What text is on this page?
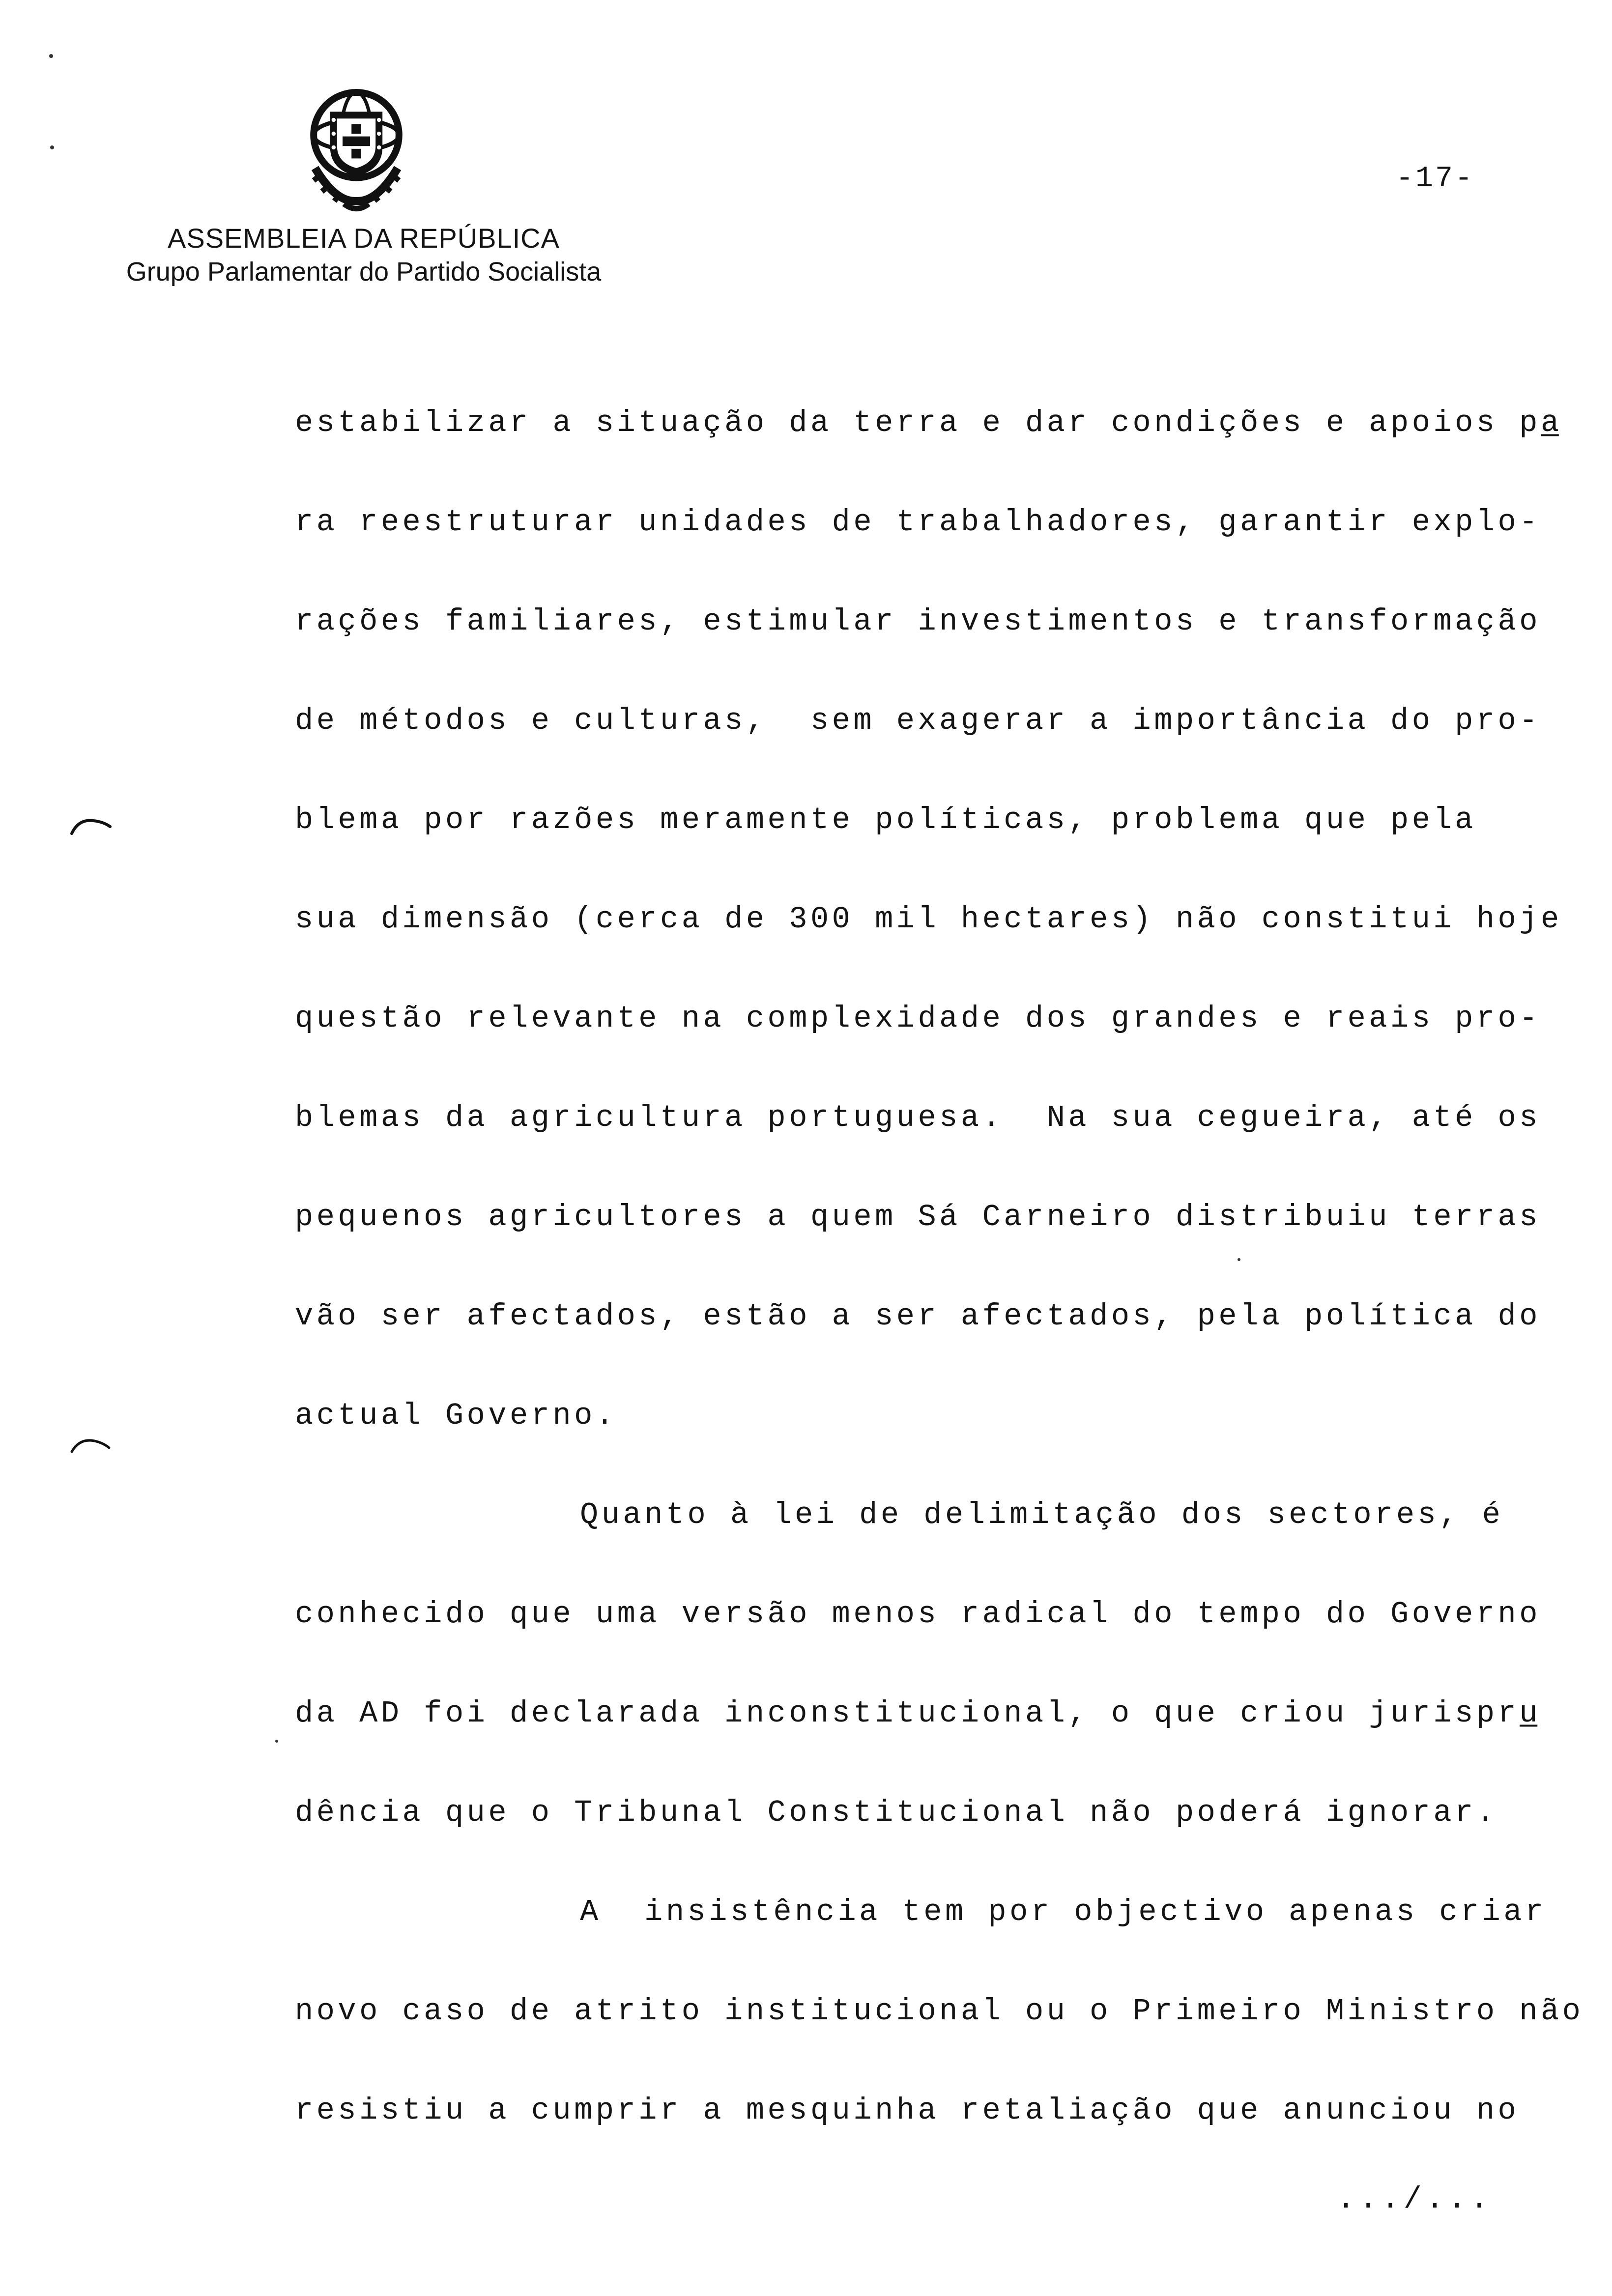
ASSEMBLEIA DA REPÚBLICA
Grupo Parlamentar do Partido Socialista
-17-
estabilizar a situação da terra e dar condições e apoios pa̲
ra reestruturar unidades de trabalhadores, garantir explo-
rações familiares, estimular investimentos e transformação
de métodos e culturas,  sem exagerar a importância do pro-
blema por razões meramente políticas, problema que pela
sua dimensão (cerca de 300 mil hectares) não constitui hoje
questão relevante na complexidade dos grandes e reais pro-
blemas da agricultura portuguesa.  Na sua cegueira, até os
pequenos agricultores a quem Sá Carneiro distribuiu terras
vão ser afectados, estão a ser afectados, pela política do
actual Governo.
Quanto à lei de delimitação dos sectores, é
conhecido que uma versão menos radical do tempo do Governo
da AD foi declarada inconstitucional, o que criou jurispru̲
dência que o Tribunal Constitucional não poderá ignorar.
A  insistência tem por objectivo apenas criar
novo caso de atrito institucional ou o Primeiro Ministro não
resistiu a cumprir a mesquinha retaliação que anunciou no
.../...
